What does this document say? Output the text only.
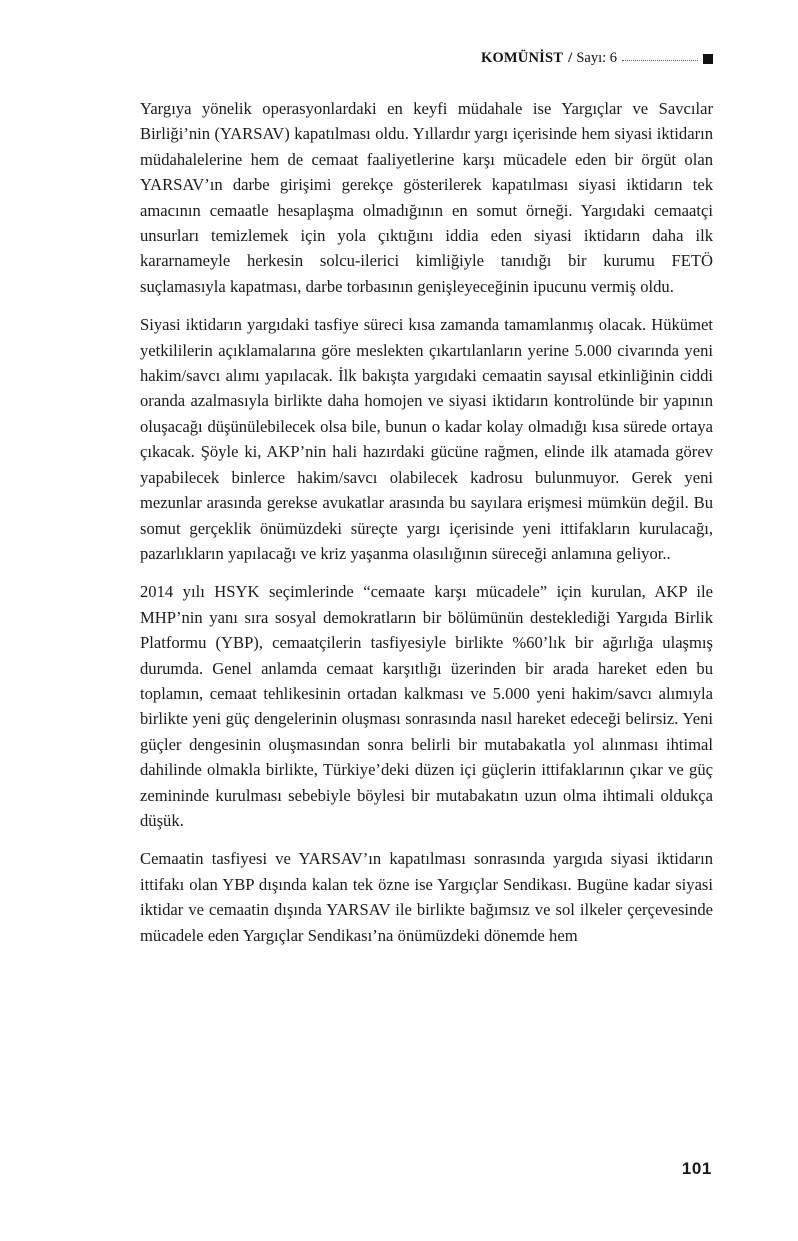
KOMÜNİST / Sayı: 6

Yargıya yönelik operasyonlardaki en keyfi müdahale ise Yargıçlar ve Savcılar Birliği’nin (YARSAV) kapatılması oldu. Yıllardır yargı içerisinde hem siyasi iktidarın müdahalelerine hem de cemaat faaliyetlerine karşı mücadele eden bir örgüt olan YARSAV’ın darbe girişimi gerekçe gösterilerek kapatılması siyasi iktidarın tek amacının cemaatle hesaplaşma olmadığının en somut örneği. Yargıdaki cemaatçi unsurları temizlemek için yola çıktığını iddia eden siyasi iktidarın daha ilk kararnameyle herkesin solcu-ilerici kimliğiyle tanıdığı bir kurumu FETÖ suçlamasıyla kapatması, darbe torbasının genişleyeceğinin ipucunu vermiş oldu.

Siyasi iktidarın yargıdaki tasfiye süreci kısa zamanda tamamlanmış olacak. Hükümet yetkililerin açıklamalarına göre meslekten çıkartılanların yerine 5.000 civarında yeni hakim/savcı alımı yapılacak. İlk bakışta yargıdaki cemaatin sayısal etkinliğinin ciddi oranda azalmasıyla birlikte daha homojen ve siyasi iktidarın kontrolünde bir yapının oluşacağı düşünülebilecek olsa bile, bunun o kadar kolay olmadığı kısa sürede ortaya çıkacak. Şöyle ki, AKP’nin hali hazırdaki gücüne rağmen, elinde ilk atamada görev yapabilecek binlerce hakim/savcı olabilecek kadrosu bulunmuyor. Gerek yeni mezunlar arasında gerekse avukatlar arasında bu sayılara erişmesi mümkün değil. Bu somut gerçeklik önümüzdeki süreçte yargı içerisinde yeni ittifakların kurulacağı, pazarlıkların yapılacağı ve kriz yaşanma olasılığının süreceği anlamına geliyor..

2014 yılı HSYK seçimlerinde “cemaate karşı mücadele” için kurulan, AKP ile MHP’nin yanı sıra sosyal demokratların bir bölümünün desteklediği Yargıda Birlik Platformu (YBP), cemaatçilerin tasfiyesiyle birlikte %60’lık bir ağırlığa ulaşmış durumda. Genel anlamda cemaat karşıtlığı üzerinden bir arada hareket eden bu toplamın, cemaat tehlikesinin ortadan kalkması ve 5.000 yeni hakim/savcı alımıyla birlikte yeni güç dengelerinin oluşması sonrasında nasıl hareket edeceği belirsiz. Yeni güçler dengesinin oluşmasından sonra belirli bir mutabakatla yol alınması ihtimal dahilinde olmakla birlikte, Türkiye’deki düzen içi güçlerin ittifaklarının çıkar ve güç zemininde kurulması sebebiyle böylesi bir mutabakatın uzun olma ihtimali oldukça düşük.

Cemaatin tasfiyesi ve YARSAV’ın kapatılması sonrasında yargıda siyasi iktidarın ittifakı olan YBP dışında kalan tek özne ise Yargıçlar Sendikası. Bugüne kadar siyasi iktidar ve cemaatin dışında YARSAV ile birlikte bağımsız ve sol ilkeler çerçevesinde mücadele eden Yargıçlar Sendikası’na önümüzdeki dönemde hem

101
